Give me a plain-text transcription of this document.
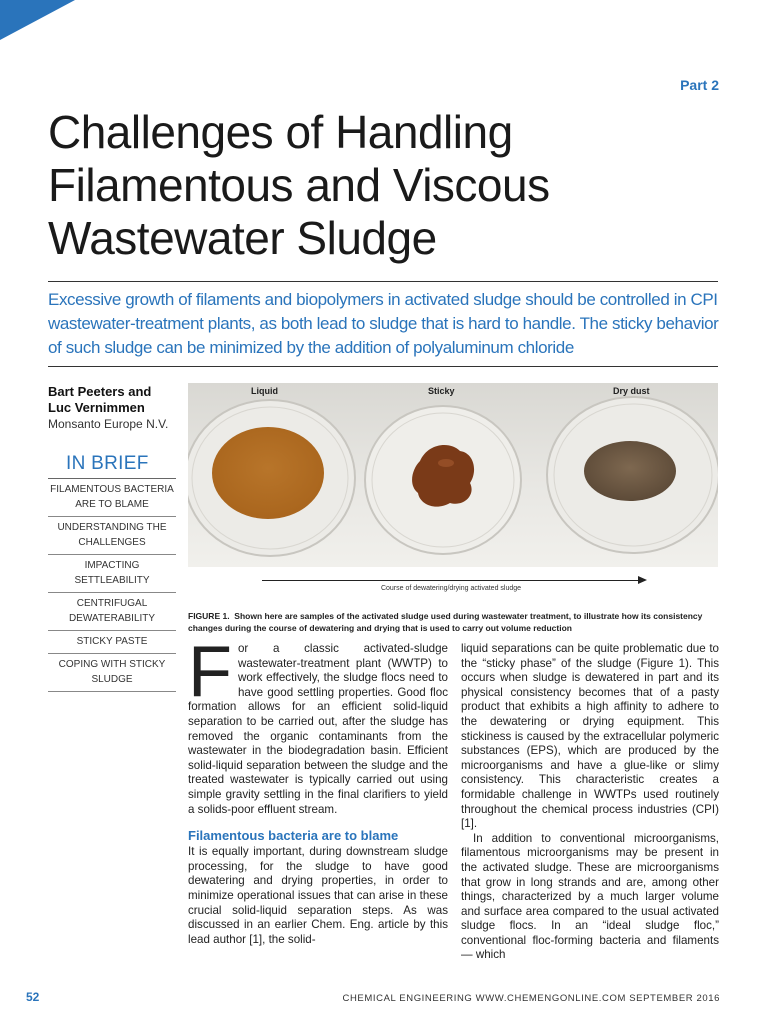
Part 2
Challenges of Handling
Filamentous and Viscous
Wastewater Sludge

Excessive growth of filaments and biopolymers in activated sludge should be controlled in CPI wastewater-treatment plants, as both lead to sludge that is hard to handle. The sticky behavior of such sludge can be minimized by the addition of polyaluminum chloride

Bart Peeters and
Luc Vernimmen
Monsanto Europe N.V.
IN BRIEF
FILAMENTOUS BACTERIA ARE TO BLAME
UNDERSTANDING THE CHALLENGES
IMPACTING SETTLEABILITY
CENTRIFUGAL DEWATERABILITY
STICKY PASTE
COPING WITH STICKY SLUDGE
Liquid	Sticky	Dry dust
Course of dewatering/drying activated sludge

FIGURE 1. Shown here are samples of the activated sludge used during wastewater treatment, to illustrate how its consistency changes during the course of dewatering and drying that is used to carry out volume reduction

For a classic activated-sludge wastewater-treatment plant (WWTP) to work effectively, the sludge flocs need to have good settling properties. Good floc formation allows for an efficient solid-liquid separation to be carried out, after the sludge has removed the organic contaminants from the wastewater in the biodegradation basin. Efficient solid-liquid separation between the sludge and the treated wastewater is typically carried out using simple gravity settling in the final clarifiers to yield a solids-poor effluent stream.

Filamentous bacteria are to blame

It is equally important, during downstream sludge processing, for the sludge to have good dewatering and drying properties, in order to minimize operational issues that can arise in these crucial solid-liquid separation steps. As was discussed in an earlier Chem. Eng. article by this lead author [1], the solid-

liquid separations can be quite problematic due to the “sticky phase” of the sludge (Figure 1). This occurs when sludge is dewatered in part and its physical consistency becomes that of a pasty product that exhibits a high affinity to adhere to the dewatering or drying equipment. This stickiness is caused by the extracellular polymeric substances (EPS), which are produced by the microorganisms and have a glue-like or slimy consistency. This characteristic creates a formidable challenge in WWTPs used routinely throughout the chemical process industries (CPI) [1].

In addition to conventional microorganisms, filamentous microorganisms may be present in the activated sludge. These are microorganisms that grow in long strands and are, among other things, characterized by a much larger volume and surface area compared to the usual activated sludge flocs. In an “ideal sludge floc,” conventional floc-forming bacteria and filaments — which

52	CHEMICAL ENGINEERING WWW.CHEMENGONLINE.COM SEPTEMBER 2016
